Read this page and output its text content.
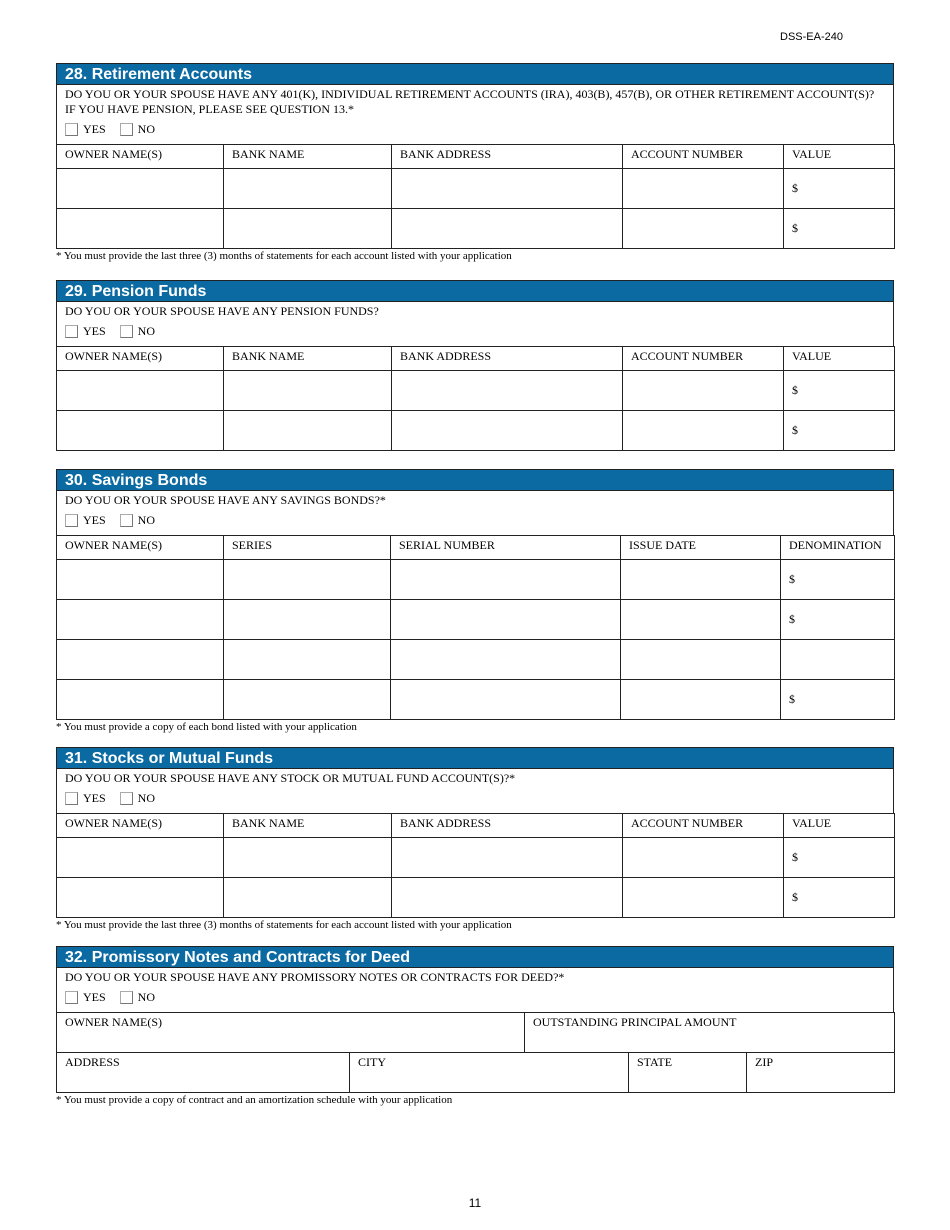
DSS-EA-240
28. Retirement Accounts
DO YOU OR YOUR SPOUSE HAVE ANY 401(K), INDIVIDUAL RETIREMENT ACCOUNTS (IRA), 403(B), 457(B), OR OTHER RETIREMENT ACCOUNT(S)? IF YOU HAVE PENSION, PLEASE SEE QUESTION 13.*
YES	NO
OWNER NAME(S)	BANK NAME	BANK ADDRESS	ACCOUNT NUMBER	VALUE
				$
				$
* You must provide the last three (3) months of statements for each account listed with your application
29. Pension Funds
DO YOU OR YOUR SPOUSE HAVE ANY PENSION FUNDS?
YES	NO
OWNER NAME(S)	BANK NAME	BANK ADDRESS	ACCOUNT NUMBER	VALUE
				$
				$
30. Savings Bonds
DO YOU OR YOUR SPOUSE HAVE ANY SAVINGS BONDS?*
YES	NO
OWNER NAME(S)	SERIES	SERIAL NUMBER	ISSUE DATE	DENOMINATION
				$
				$

				$
* You must provide a copy of each bond listed with your application
31. Stocks or Mutual Funds
DO YOU OR YOUR SPOUSE HAVE ANY STOCK OR MUTUAL FUND ACCOUNT(S)?*
YES	NO
OWNER NAME(S)	BANK NAME	BANK ADDRESS	ACCOUNT NUMBER	VALUE
				$
				$
* You must provide the last three (3) months of statements for each account listed with your application
32. Promissory Notes and Contracts for Deed
DO YOU OR YOUR SPOUSE HAVE ANY PROMISSORY NOTES OR CONTRACTS FOR DEED?*
YES	NO
OWNER NAME(S)	OUTSTANDING PRINCIPAL AMOUNT
ADDRESS	CITY	STATE	ZIP
* You must provide a copy of contract and an amortization schedule with your application
11
